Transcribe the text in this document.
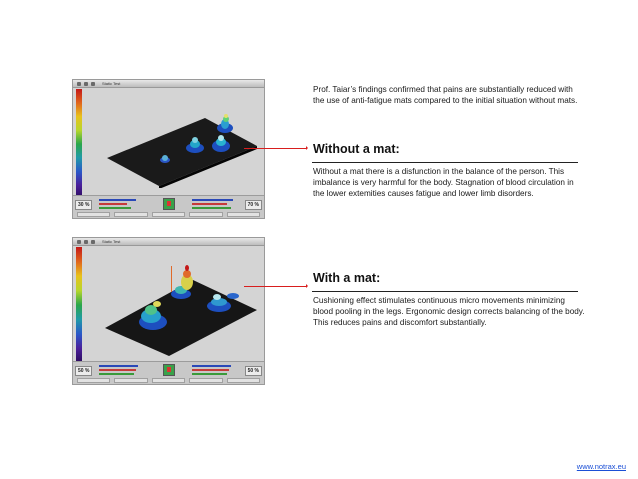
Static Test
30 %	70 %
Static Test
50 %	50 %
Prof. Taiar’s findings confirmed that pains are substantially reduced with the use of anti-fatigue mats compared to the initial situation without mats.
Without a mat:
Without a mat there is a disfunction in the balance of the person. This imbalance is very harmful for the body. Stagnation of blood circulation in the lower extemities causes fatigue and lower limb disorders.
With a mat:
Cushioning effect stimulates continuous micro movements minimizing blood pooling in the legs. Ergonomic design corrects balancing of the body. This reduces pains and discomfort substantially.
www.notrax.eu
